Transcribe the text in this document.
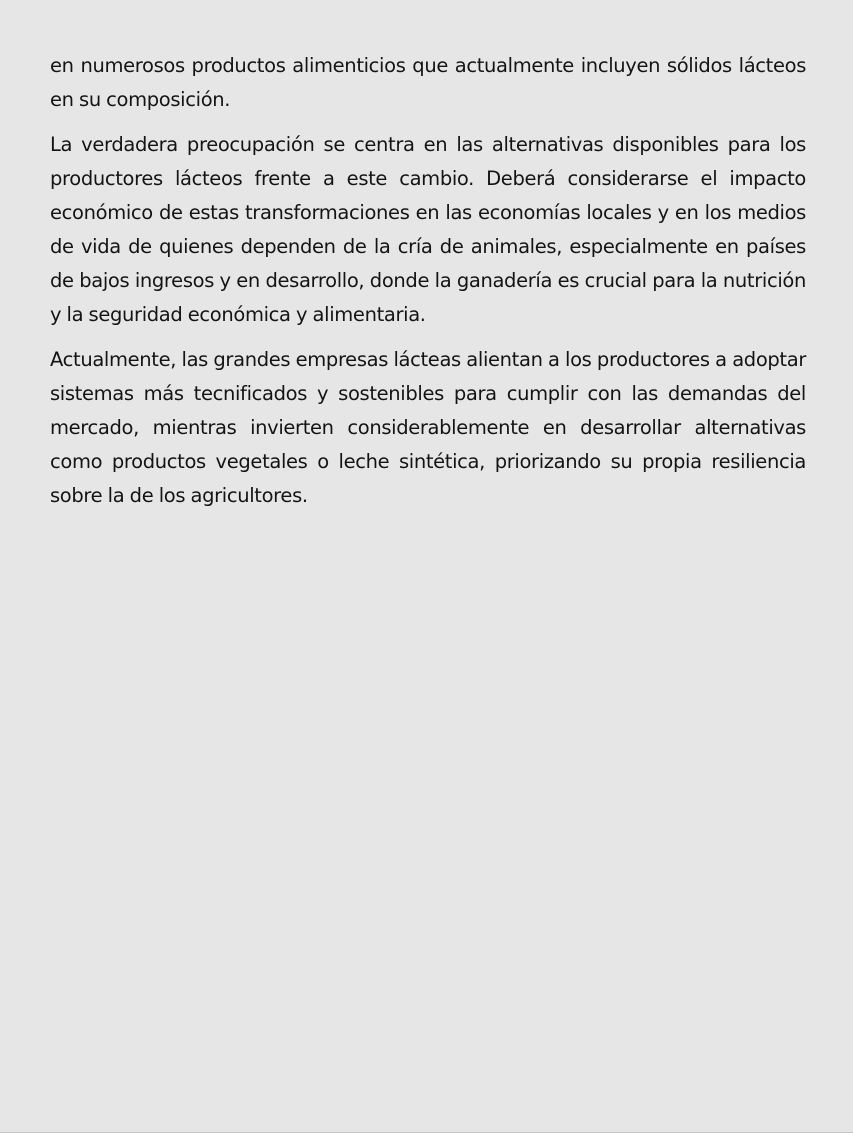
en numerosos productos alimenticios que actualmente incluyen sólidos lácteos en su composición.

La verdadera preocupación se centra en las alternativas disponibles para los productores lácteos frente a este cambio. Deberá considerarse el impacto económico de estas transformaciones en las economías locales y en los medios de vida de quienes dependen de la cría de animales, especialmente en países de bajos ingresos y en desarrollo, donde la ganadería es crucial para la nutrición y la seguridad económica y alimentaria.

Actualmente, las grandes empresas lácteas alientan a los productores a adoptar sistemas más tecnificados y sostenibles para cumplir con las demandas del mercado, mientras invierten considerablemente en desarrollar alternativas como productos vegetales o leche sintética, priorizando su propia resiliencia sobre la de los agricultores.
